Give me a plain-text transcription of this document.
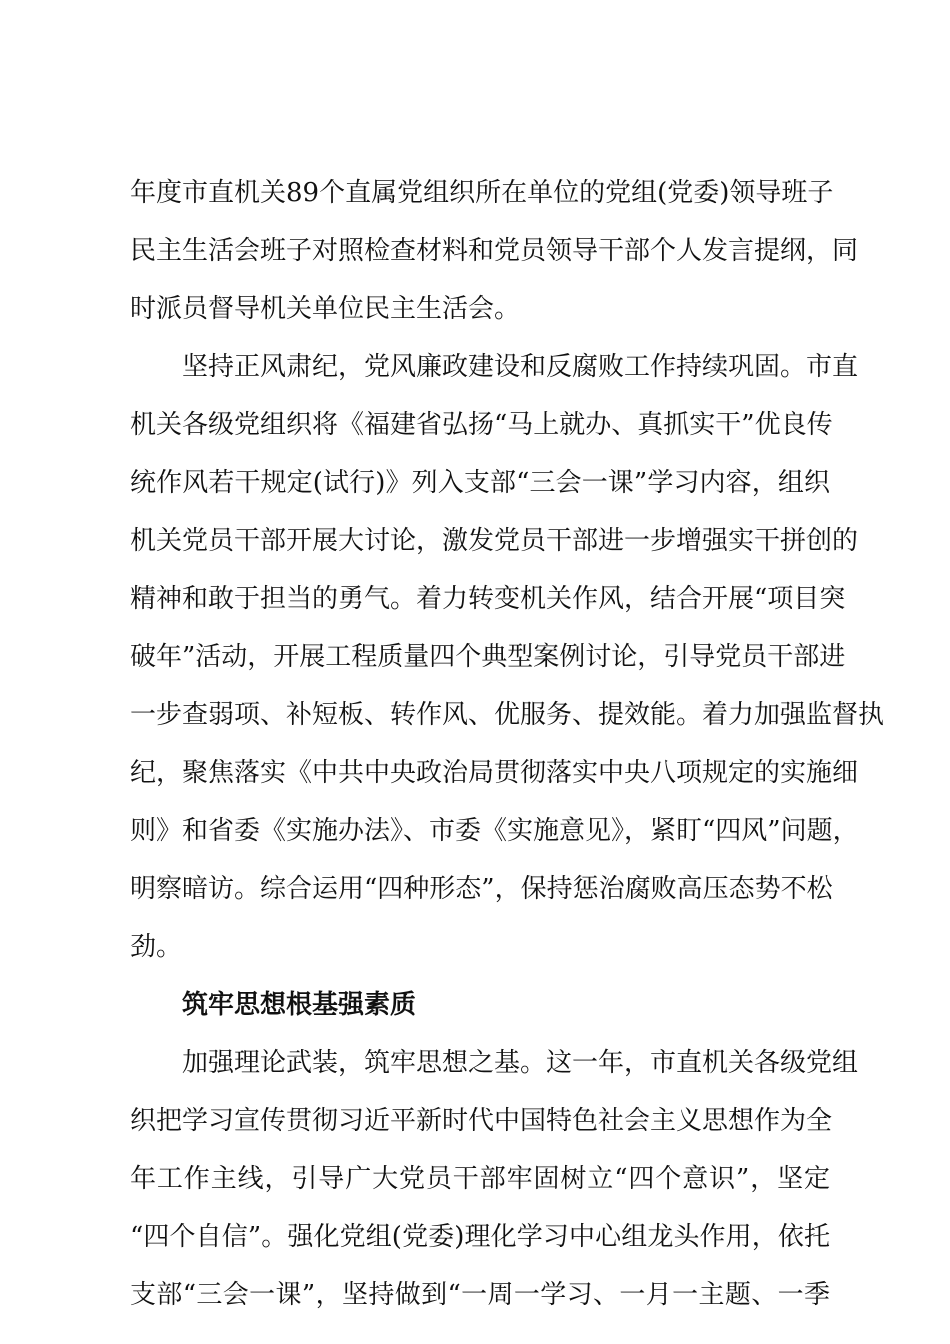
年度市直机关89个直属党组织所在单位的党组(党委)领导班子
民主生活会班子对照检查材料和党员领导干部个人发言提纲，同
时派员督导机关单位民主生活会。
坚持正风肃纪，党风廉政建设和反腐败工作持续巩固。市直
机关各级党组织将《福建省弘扬“马上就办、真抓实干”优良传
统作风若干规定(试行)》列入支部“三会一课”学习内容，组织
机关党员干部开展大讨论，激发党员干部进一步增强实干拼创的
精神和敢于担当的勇气。着力转变机关作风，结合开展“项目突
破年”活动，开展工程质量四个典型案例讨论，引导党员干部进
一步查弱项、补短板、转作风、优服务、提效能。着力加强监督执
纪，聚焦落实《中共中央政治局贯彻落实中央八项规定的实施细
则》和省委《实施办法》、市委《实施意见》，紧盯“四风”问题，
明察暗访。综合运用“四种形态”，保持惩治腐败高压态势不松
劲。
筑牢思想根基强素质
加强理论武装，筑牢思想之基。这一年，市直机关各级党组
织把学习宣传贯彻习近平新时代中国特色社会主义思想作为全
年工作主线，引导广大党员干部牢固树立“四个意识”，坚定
“四个自信”。强化党组(党委)理化学习中心组龙头作用，依托
支部“三会一课”，坚持做到“一周一学习、一月一主题、一季
